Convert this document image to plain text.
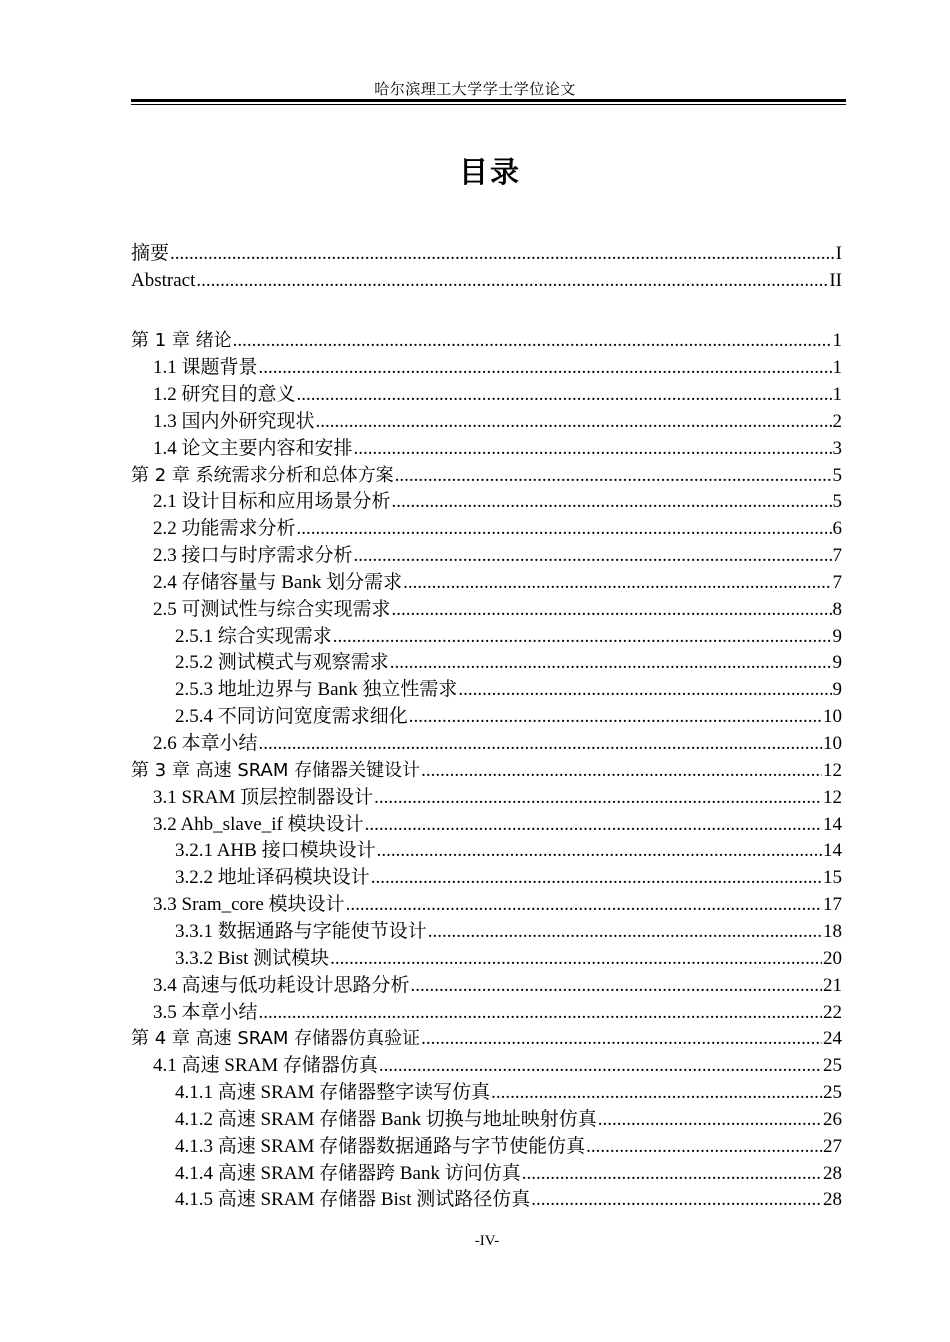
哈尔滨理工大学学士学位论文
目录
摘要 .....	I
Abstract .....	II
第 1 章 绪论 .....	1
1.1 课题背景 .....	1
1.2 研究目的意义 .....	1
1.3 国内外研究现状 .....	2
1.4 论文主要内容和安排 .....	3
第 2 章 系统需求分析和总体方案 .....	5
2.1 设计目标和应用场景分析 .....	5
2.2 功能需求分析 .....	6
2.3 接口与时序需求分析 .....	7
2.4 存储容量与 Bank 划分需求 .....	7
2.5 可测试性与综合实现需求 .....	8
2.5.1 综合实现需求 .....	9
2.5.2 测试模式与观察需求 .....	9
2.5.3 地址边界与 Bank 独立性需求 .....	9
2.5.4 不同访问宽度需求细化 .....	10
2.6 本章小结 .....	10
第 3 章 高速 SRAM 存储器关键设计 .....	12
3.1 SRAM 顶层控制器设计 .....	12
3.2 Ahb_slave_if 模块设计 .....	14
3.2.1 AHB 接口模块设计 .....	14
3.2.2 地址译码模块设计 .....	15
3.3 Sram_core 模块设计 .....	17
3.3.1 数据通路与字能使节设计 .....	18
3.3.2 Bist 测试模块 .....	20
3.4 高速与低功耗设计思路分析 .....	21
3.5 本章小结 .....	22
第 4 章 高速 SRAM 存储器仿真验证 .....	24
4.1 高速 SRAM 存储器仿真 .....	25
4.1.1 高速 SRAM 存储器整字读写仿真 .....	25
4.1.2 高速 SRAM 存储器 Bank 切换与地址映射仿真 .....	26
4.1.3 高速 SRAM 存储器数据通路与字节使能仿真 .....	27
4.1.4 高速 SRAM 存储器跨 Bank 访问仿真 .....	28
4.1.5 高速 SRAM 存储器 Bist 测试路径仿真 .....	28
-IV-
